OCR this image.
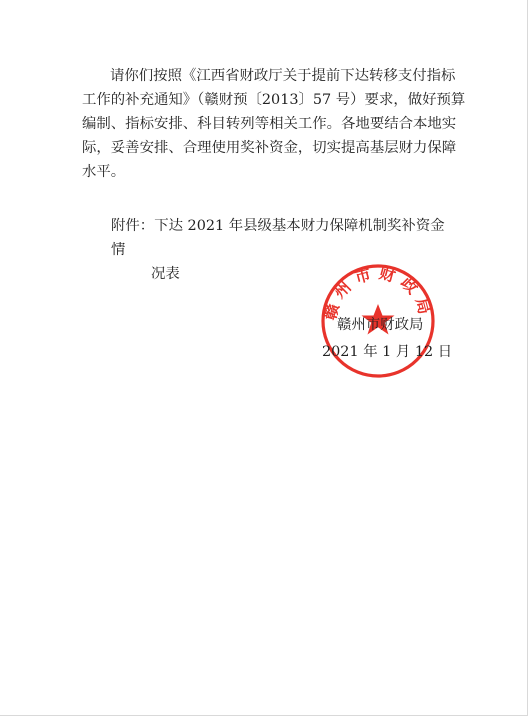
请你们按照《江西省财政厅关于提前下达转移支付指标
工作的补充通知》（赣财预〔2013〕57 号）要求，做好预算
编制、指标安排、科目转列等相关工作。各地要结合本地实
际，妥善安排、合理使用奖补资金，切实提高基层财力保障
水平。
附件：下达 2021 年县级基本财力保障机制奖补资金情
况表
赣州市财政局
赣州市财政局
2021 年 1 月 12 日
